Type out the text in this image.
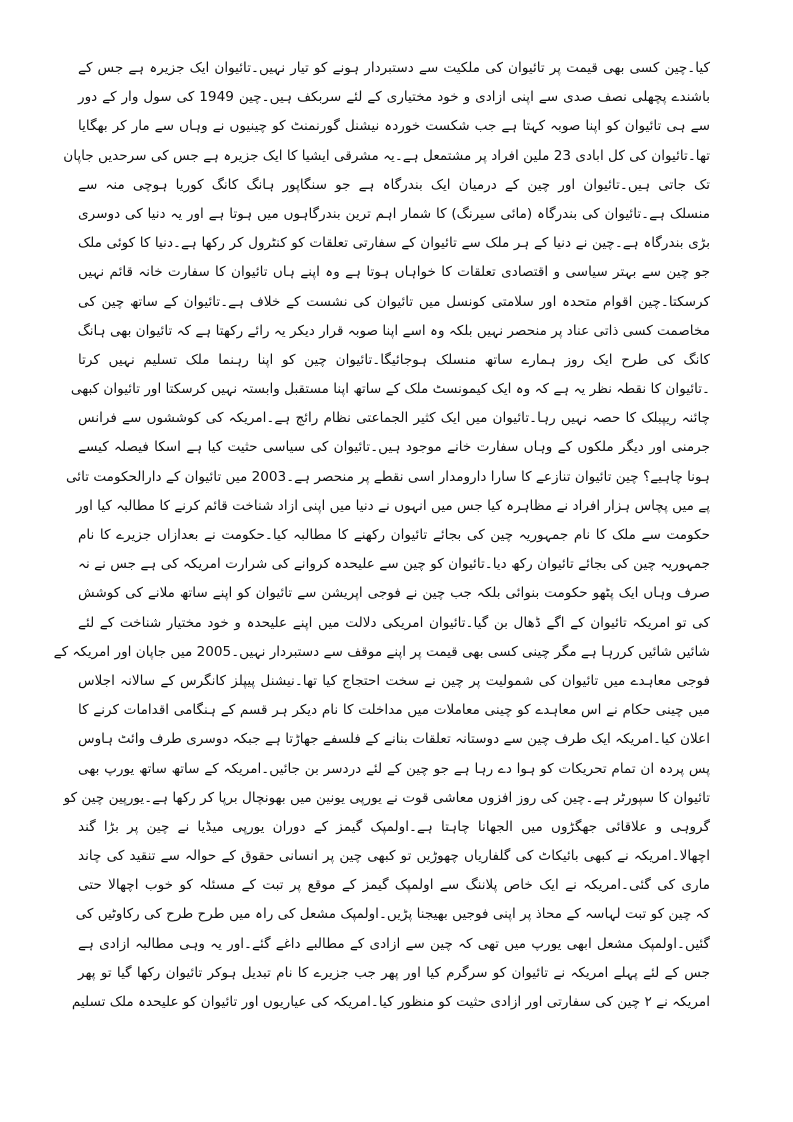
کیا۔چین کسی بھی قیمت پر تائیوان کی ملکیت سے دستبردار ہونے کو تیار نہیں۔تائیوان ایک جزیرہ ہے جس کے
باشندے پچھلی نصف صدی سے اپنی ازادی و خود مختیاری کے لئے سربکف ہیں۔چین 1949 کی سول وار کے دور
سے ہی تائیوان کو اپنا صوبہ کہتا ہے جب شکست خوردہ نیشنل گورنمنٹ کو چینیوں نے وہاں سے مار کر بھگایا
تھا۔تائیوان کی کل ابادی 23 ملین افراد پر مشتمعل ہے۔یہ مشرقی ایشیا کا ایک جزیرہ ہے جس کی سرحدیں جاپان
تک جاتی ہیں۔تائیوان اور چین کے درمیان ایک بندرگاہ ہے جو سنگاپور ہانگ کانگ کوریا ہوچی منہ سے
منسلک ہے۔تائیوان کی بندرگاہ (مائی سیرنگ) کا شمار اہم ترین بندرگاہوں میں ہوتا ہے اور یہ دنیا کی دوسری
بڑی بندرگاہ ہے۔چین نے دنیا کے ہر ملک سے تائیوان کے سفارتی تعلقات کو کنٹرول کر رکھا ہے۔دنیا کا کوئی ملک
جو چین سے بہتر سیاسی و اقتصادی تعلقات کا خواہاں ہوتا ہے وہ اپنے ہاں تائیوان کا سفارت خانہ قائم نہیں
کرسکتا۔چین اقوام متحدہ اور سلامتی کونسل میں تائیوان کی نشست کے خلاف ہے۔تائیوان کے ساتھ چین کی
مخاصمت کسی ذاتی عناد پر منحصر نہیں بلکہ وہ اسے اپنا صوبہ قرار دیکر یہ رائے رکھتا ہے کہ تائیوان بھی ہانگ
کانگ کی طرح ایک روز ہمارے ساتھ منسلک ہوجائیگا۔تائیوان چین کو اپنا رہنما ملک تسلیم نہیں کرتا
۔تائیوان کا نقطہ نظر یہ ہے کہ وہ ایک کیمونسٹ ملک کے ساتھ اپنا مستقبل وابستہ نہیں کرسکتا اور تائیوان کبھی
چائنہ ریپبلک کا حصہ نہیں رہا۔تائیوان میں ایک کثیر الجماعتی نظام رائج ہے۔امریکہ کی کوششوں سے فرانس
جرمنی اور دیگر ملکوں کے وہاں سفارت خانے موجود ہیں۔تائیوان کی سیاسی حثیت کیا ہے اسکا فیصلہ کیسے
ہونا چاہیے؟ چین تائیوان تنازعے کا سارا دارومدار اسی نقطے پر منحصر ہے۔2003 میں تائیوان کے دارالحکومت تائی
پے میں پچاس ہزار افراد نے مظاہرہ کیا جس میں انہوں نے دنیا میں اپنی ازاد شناخت قائم کرنے کا مطالبہ کیا اور
حکومت سے ملک کا نام جمہوریہ چین کی بجائے تائیوان رکھنے کا مطالبہ کیا۔حکومت نے بعدازاں جزیرے کا نام
جمہوریہ چین کی بجائے تائیوان رکھ دیا۔تائیوان کو چین سے علیحدہ کروانے کی شرارت امریکہ کی ہے جس نے نہ
صرف وہاں ایک پٹھو حکومت بنوائی بلکہ جب چین نے فوجی اپریشن سے تائیوان کو اپنے ساتھ ملانے کی کوشش
کی تو امریکہ تائیوان کے اگے ڈھال بن گیا۔تائیوان امریکی دلالت میں اپنے علیحدہ و خود مختیار شناخت کے لئے
شائیں شائیں کررہا ہے مگر چینی کسی بھی قیمت پر اپنے موقف سے دستبردار نہیں۔2005 میں جاپان اور امریکہ کے
فوجی معاہدے میں تائیوان کی شمولیت پر چین نے سخت احتجاج کیا تھا۔نیشنل پیپلز کانگرس کے سالانہ اجلاس
میں چینی حکام نے اس معاہدے کو چینی معاملات میں مداخلت کا نام دیکر ہر قسم کے ہنگامی اقدامات کرنے کا
اعلان کیا۔امریکہ ایک طرف چین سے دوستانہ تعلقات بنانے کے فلسفے جھاڑتا ہے جبکہ دوسری طرف وائٹ ہاوس
پس پردہ ان تمام تحریکات کو ہوا دے رہا ہے جو چین کے لئے دردسر بن جائیں۔امریکہ کے ساتھ ساتھ یورپ بھی
تائیوان کا سپورٹر ہے۔چین کی روز افزوں معاشی قوت نے یورپی یونین میں بھونچال برپا کر رکھا ہے۔یورپین چین کو
گروہی و علاقائی جھگڑوں میں الجھانا چاہتا ہے۔اولمپک گیمز کے دوران یورپی میڈیا نے چین پر بڑا گند
اچھالا۔امریکہ نے کبھی بائیکاٹ کی گلفاریاں چھوڑیں تو کبھی چین پر انسانی حقوق کے حوالہ سے تنقید کی چاند
ماری کی گئی۔امریکہ نے ایک خاص پلاننگ سے اولمپک گیمز کے موقع پر تبت کے مسئلہ کو خوب اچھالا حتی
کہ چین کو تبت لہاسہ کے محاذ پر اپنی فوجیں بھیجنا پڑیں۔اولمپک مشعل کی راہ میں طرح طرح کی رکاوٹیں کی
گئیں۔اولمپک مشعل ابھی یورپ میں تھی کہ چین سے ازادی کے مطالبے داغے گئے۔اور یہ وہی مطالبہ ازادی ہے
جس کے لئے پہلے امریکہ نے تائیوان کو سرگرم کیا اور پھر جب جزیرے کا نام تبدیل ہوکر تائیوان رکھا گیا تو پھر
امریکہ نے ۲ چین کی سفارتی اور ازادی حثیت کو منظور کیا۔امریکہ کی عیاریوں اور تائیوان کو علیحدہ ملک تسلیم
